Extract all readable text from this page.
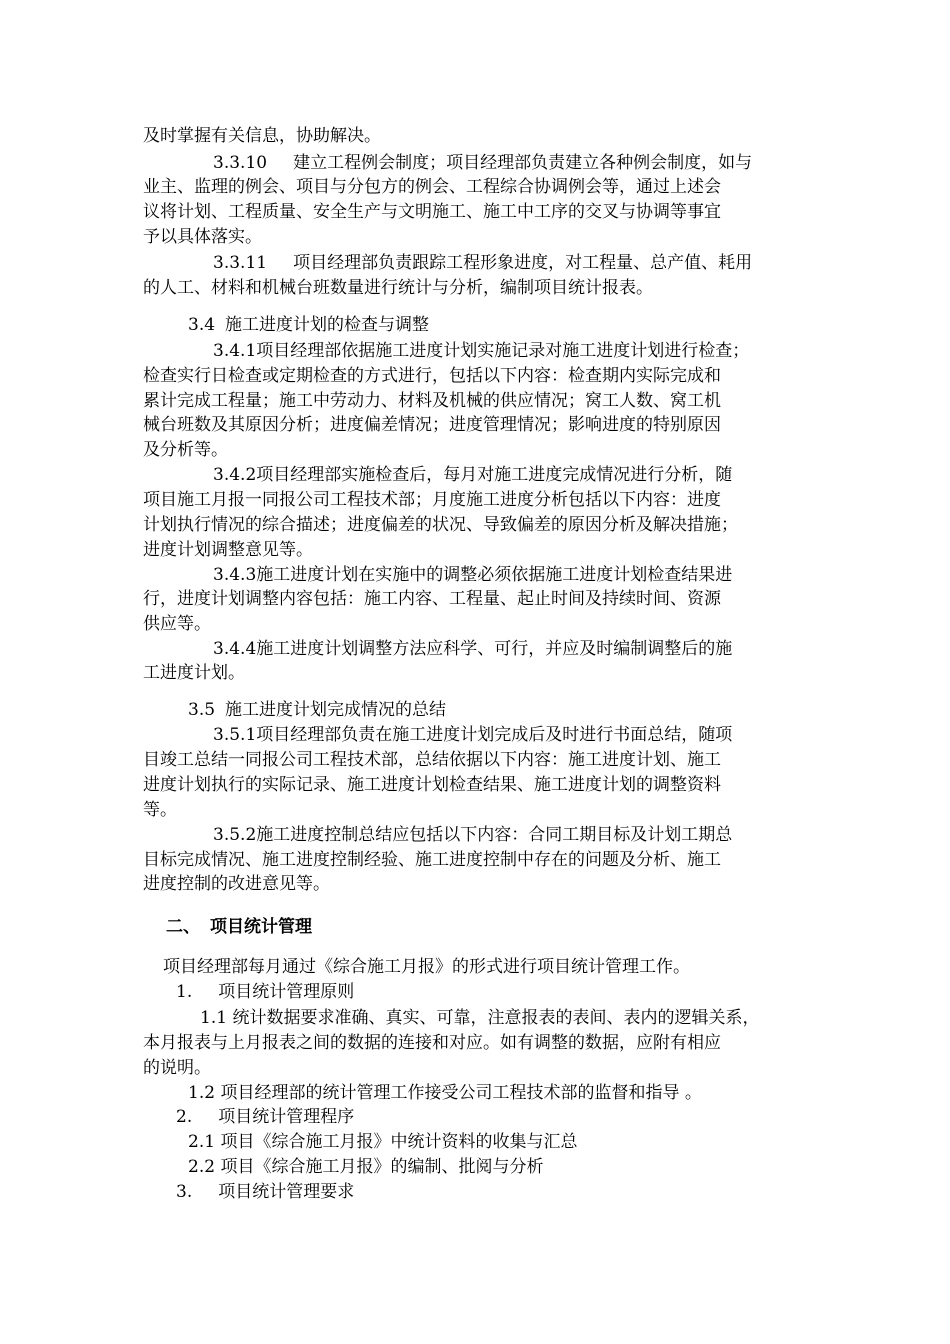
及时掌握有关信息，协助解决。
3.3.10 建立工程例会制度；项目经理部负责建立各种例会制度，如与
业主、监理的例会、项目与分包方的例会、工程综合协调例会等，通过上述会
议将计划、工程质量、安全生产与文明施工、施工中工序的交叉与协调等事宜
予以具体落实。
3.3.11 项目经理部负责跟踪工程形象进度，对工程量、总产值、耗用
的人工、材料和机械台班数量进行统计与分析，编制项目统计报表。
3.4 施工进度计划的检查与调整
3.4.1项目经理部依据施工进度计划实施记录对施工进度计划进行检查；
检查实行日检查或定期检查的方式进行，包括以下内容：检查期内实际完成和
累计完成工程量；施工中劳动力、材料及机械的供应情况；窝工人数、窝工机
械台班数及其原因分析；进度偏差情况；进度管理情况；影响进度的特别原因
及分析等。
3.4.2项目经理部实施检查后，每月对施工进度完成情况进行分析，随
项目施工月报一同报公司工程技术部；月度施工进度分析包括以下内容：进度
计划执行情况的综合描述；进度偏差的状况、导致偏差的原因分析及解决措施；
进度计划调整意见等。
3.4.3施工进度计划在实施中的调整必须依据施工进度计划检查结果进
行，进度计划调整内容包括：施工内容、工程量、起止时间及持续时间、资源
供应等。
3.4.4施工进度计划调整方法应科学、可行，并应及时编制调整后的施
工进度计划。
3.5 施工进度计划完成情况的总结
3.5.1项目经理部负责在施工进度计划完成后及时进行书面总结，随项
目竣工总结一同报公司工程技术部，总结依据以下内容：施工进度计划、施工
进度计划执行的实际记录、施工进度计划检查结果、施工进度计划的调整资料
等。
3.5.2施工进度控制总结应包括以下内容：合同工期目标及计划工期总
目标完成情况、施工进度控制经验、施工进度控制中存在的问题及分析、施工
进度控制的改进意见等。
二、 项目统计管理
项目经理部每月通过《综合施工月报》的形式进行项目统计管理工作。
1. 项目统计管理原则
1.1 统计数据要求准确、真实、可靠，注意报表的表间、表内的逻辑关系，
本月报表与上月报表之间的数据的连接和对应。如有调整的数据，应附有相应
的说明。
1.2 项目经理部的统计管理工作接受公司工程技术部的监督和指导 。
2. 项目统计管理程序
2.1 项目《综合施工月报》中统计资料的收集与汇总
2.2 项目《综合施工月报》的编制、批阅与分析
3. 项目统计管理要求
